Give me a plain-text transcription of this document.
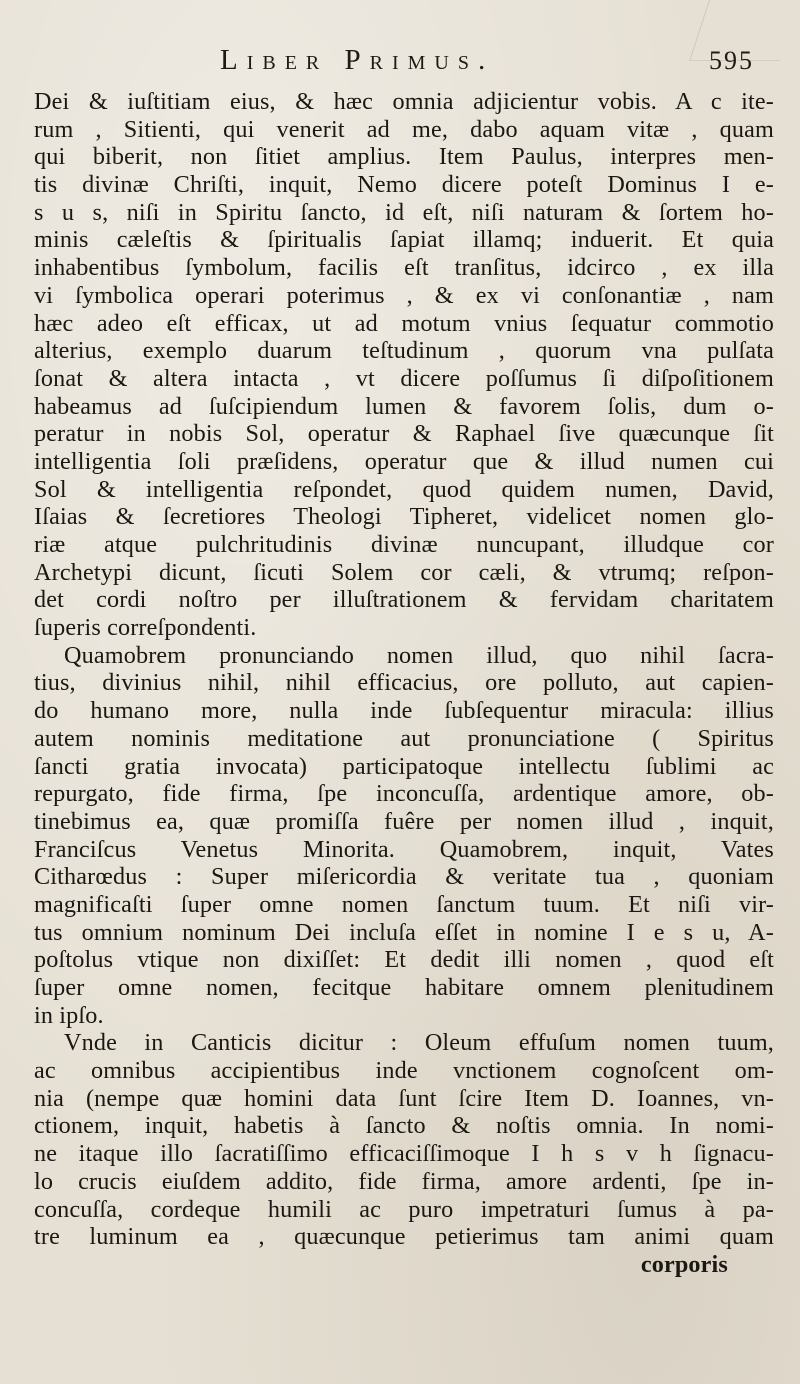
Liber Primus.	595
Dei & iuſtitiam eius, & hæc omnia adjicientur vobis. A c ite-
rum , Sitienti, qui venerit ad me, dabo aquam vitæ , quam
qui biberit, non ſitiet amplius. Item Paulus, interpres men-
tis divinæ Chriſti, inquit, Nemo dicere poteſt Dominus I e-
s u s, niſi in Spiritu ſancto, id eſt, niſi naturam & ſortem ho-
minis cæleſtis & ſpiritualis ſapiat illamq; induerit. Et quia
inhabentibus ſymbolum, facilis eſt tranſitus, idcirco , ex illa
vi ſymbolica operari poterimus , & ex vi conſonantiæ , nam
hæc adeo eſt efficax, ut ad motum vnius ſequatur commotio
alterius, exemplo duarum teſtudinum , quorum vna pulſata
ſonat & altera intacta , vt dicere poſſumus ſi diſpoſitionem
habeamus ad ſuſcipiendum lumen & favorem ſolis, dum o-
peratur in nobis Sol, operatur & Raphael ſive quæcunque ſit
intelligentia ſoli præſidens, operatur que & illud numen cui
Sol & intelligentia reſpondet, quod quidem numen, David,
Iſaias & ſecretiores Theologi Tipheret, videlicet nomen glo-
riæ atque pulchritudinis divinæ nuncupant, illudque cor
Archetypi dicunt, ſicuti Solem cor cæli, & vtrumq; reſpon-
det cordi noſtro per illuſtrationem & fervidam charitatem
ſuperis correſpondenti.
Quamobrem pronunciando nomen illud, quo nihil ſacra-
tius, divinius nihil, nihil efficacius, ore polluto, aut capien-
do humano more, nulla inde ſubſequentur miracula: illius
autem nominis meditatione aut pronunciatione ( Spiritus
ſancti gratia invocata) participatoque intellectu ſublimi ac
repurgato, fide firma, ſpe inconcuſſa, ardentique amore, ob-
tinebimus ea, quæ promiſſa fuêre per nomen illud , inquit,
Franciſcus Venetus Minorita. Quamobrem, inquit, Vates
Citharœdus : Super miſericordia & veritate tua , quoniam
magnificaſti ſuper omne nomen ſanctum tuum. Et niſi vir-
tus omnium nominum Dei incluſa eſſet in nomine I e s u, A-
poſtolus vtique non dixiſſet: Et dedit illi nomen , quod eſt
ſuper omne nomen, fecitque habitare omnem plenitudinem
in ipſo.
Vnde in Canticis dicitur : Oleum effuſum nomen tuum,
ac omnibus accipientibus inde vnctionem cognoſcent om-
nia (nempe quæ homini data ſunt ſcire Item D. Ioannes, vn-
ctionem, inquit, habetis à ſancto & noſtis omnia. In nomi-
ne itaque illo ſacratiſſimo efficaciſſimoque I h s v h ſignacu-
lo crucis eiuſdem addito, fide firma, amore ardenti, ſpe in-
concuſſa, cordeque humili ac puro impetraturi ſumus à pa-
tre luminum ea , quæcunque petierimus tam animi quam
corporis
